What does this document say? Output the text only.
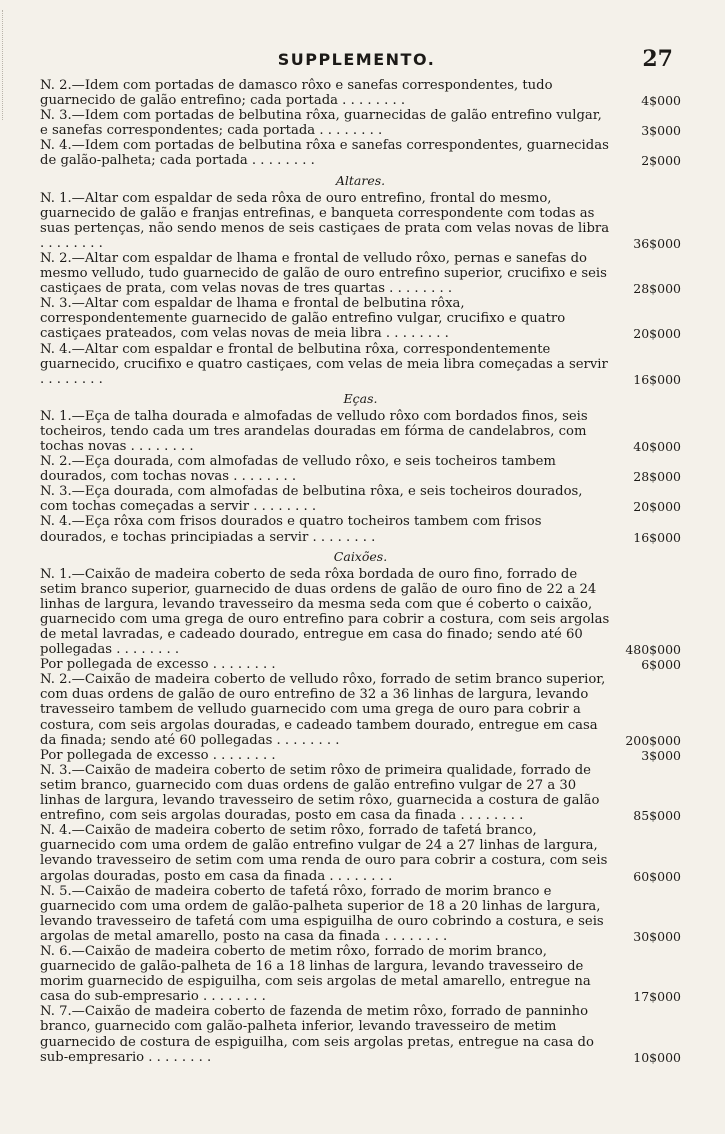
SUPPLEMENTO.	27
N. 2.—Idem com portadas de damasco rôxo e sanefas correspondentes, tudo guarnecido de galão entrefino; cada portada . . . . . . . .	4$000
N. 3.—Idem com portadas de belbutina rôxa, guarnecidas de galão entrefino vulgar, e sanefas correspondentes; cada portada . . . . . . . .	3$000
N. 4.—Idem com portadas de belbutina rôxa e sanefas correspondentes, guarnecidas de galão-palheta; cada portada . . . . . . . .	2$000
Altares.
N. 1.—Altar com espaldar de seda rôxa de ouro entrefino, frontal do mesmo, guarnecido de galão e franjas entrefinas, e banqueta correspondente com todas as suas pertenças, não sendo menos de seis castiçaes de prata com velas novas de libra . . . . . . . .	36$000
N. 2.—Altar com espaldar de lhama e frontal de velludo rôxo, pernas e sanefas do mesmo velludo, tudo guarnecido de galão de ouro entrefino superior, crucifixo e seis castiçaes de prata, com velas novas de tres quartas . . . . . . . .	28$000
N. 3.—Altar com espaldar de lhama e frontal de belbutina rôxa, correspondentemente guarnecido de galão entrefino vulgar, crucifixo e quatro castiçaes prateados, com velas novas de meia libra . . . . . . . .	20$000
N. 4.—Altar com espaldar e frontal de belbutina rôxa, correspondentemente guarnecido, crucifixo e quatro castiçaes, com velas de meia libra começadas a servir . . . . . . . .	16$000
Eças.
N. 1.—Eça de talha dourada e almofadas de velludo rôxo com bordados finos, seis tocheiros, tendo cada um tres arandelas douradas em fórma de candelabros, com tochas novas . . . . . . . .	40$000
N. 2.—Eça dourada, com almofadas de velludo rôxo, e seis tocheiros tambem dourados, com tochas novas . . . . . . . .	28$000
N. 3.—Eça dourada, com almofadas de belbutina rôxa, e seis tocheiros dourados, com tochas começadas a servir . . . . . . . .	20$000
N. 4.—Eça rôxa com frisos dourados e quatro tocheiros tambem com frisos dourados, e tochas principiadas a servir . . . . . . . .	16$000
Caixões.
N. 1.—Caixão de madeira coberto de seda rôxa bordada de ouro fino, forrado de setim branco superior, guarnecido de duas ordens de galão de ouro fino de 22 a 24 linhas de largura, levando travesseiro da mesma seda com que é coberto o caixão, guarnecido com uma grega de ouro entrefino para cobrir a costura, com seis argolas de metal lavradas, e cadeado dourado, entregue em casa do finado; sendo até 60 pollegadas . . . . . . . .	480$000
Por pollegada de excesso . . . . . . . .	6$000
N. 2.—Caixão de madeira coberto de velludo rôxo, forrado de setim branco superior, com duas ordens de galão de ouro entrefino de 32 a 36 linhas de largura, levando travesseiro tambem de velludo guarnecido com uma grega de ouro para cobrir a costura, com seis argolas douradas, e cadeado tambem dourado, entregue em casa da finada; sendo até 60 pollegadas . . . . . . . .	200$000
Por pollegada de excesso . . . . . . . .	3$000
N. 3.—Caixão de madeira coberto de setim rôxo de primeira qualidade, forrado de setim branco, guarnecido com duas ordens de galão entrefino vulgar de 27 a 30 linhas de largura, levando travesseiro de setim rôxo, guarnecida a costura de galão entrefino, com seis argolas douradas, posto em casa da finada . . . . . . . .	85$000
N. 4.—Caixão de madeira coberto de setim rôxo, forrado de tafetá branco, guarnecido com uma ordem de galão entrefino vulgar de 24 a 27 linhas de largura, levando travesseiro de setim com uma renda de ouro para cobrir a costura, com seis argolas douradas, posto em casa da finada . . . . . . . .	60$000
N. 5.—Caixão de madeira coberto de tafetá rôxo, forrado de morim branco e guarnecido com uma ordem de galão-palheta superior de 18 a 20 linhas de largura, levando travesseiro de tafetá com uma espiguilha de ouro cobrindo a costura, e seis argolas de metal amarello, posto na casa da finada . . . . . . . .	30$000
N. 6.—Caixão de madeira coberto de metim rôxo, forrado de morim branco, guarnecido de galão-palheta de 16 a 18 linhas de largura, levando travesseiro de morim guarnecido de espiguilha, com seis argolas de metal amarello, entregue na casa do sub-empresario . . . . . . . .	17$000
N. 7.—Caixão de madeira coberto de fazenda de metim rôxo, forrado de panninho branco, guarnecido com galão-palheta inferior, levando travesseiro de metim guarnecido de costura de espiguilha, com seis argolas pretas, entregue na casa do sub-empresario . . . . . . . .	10$000
